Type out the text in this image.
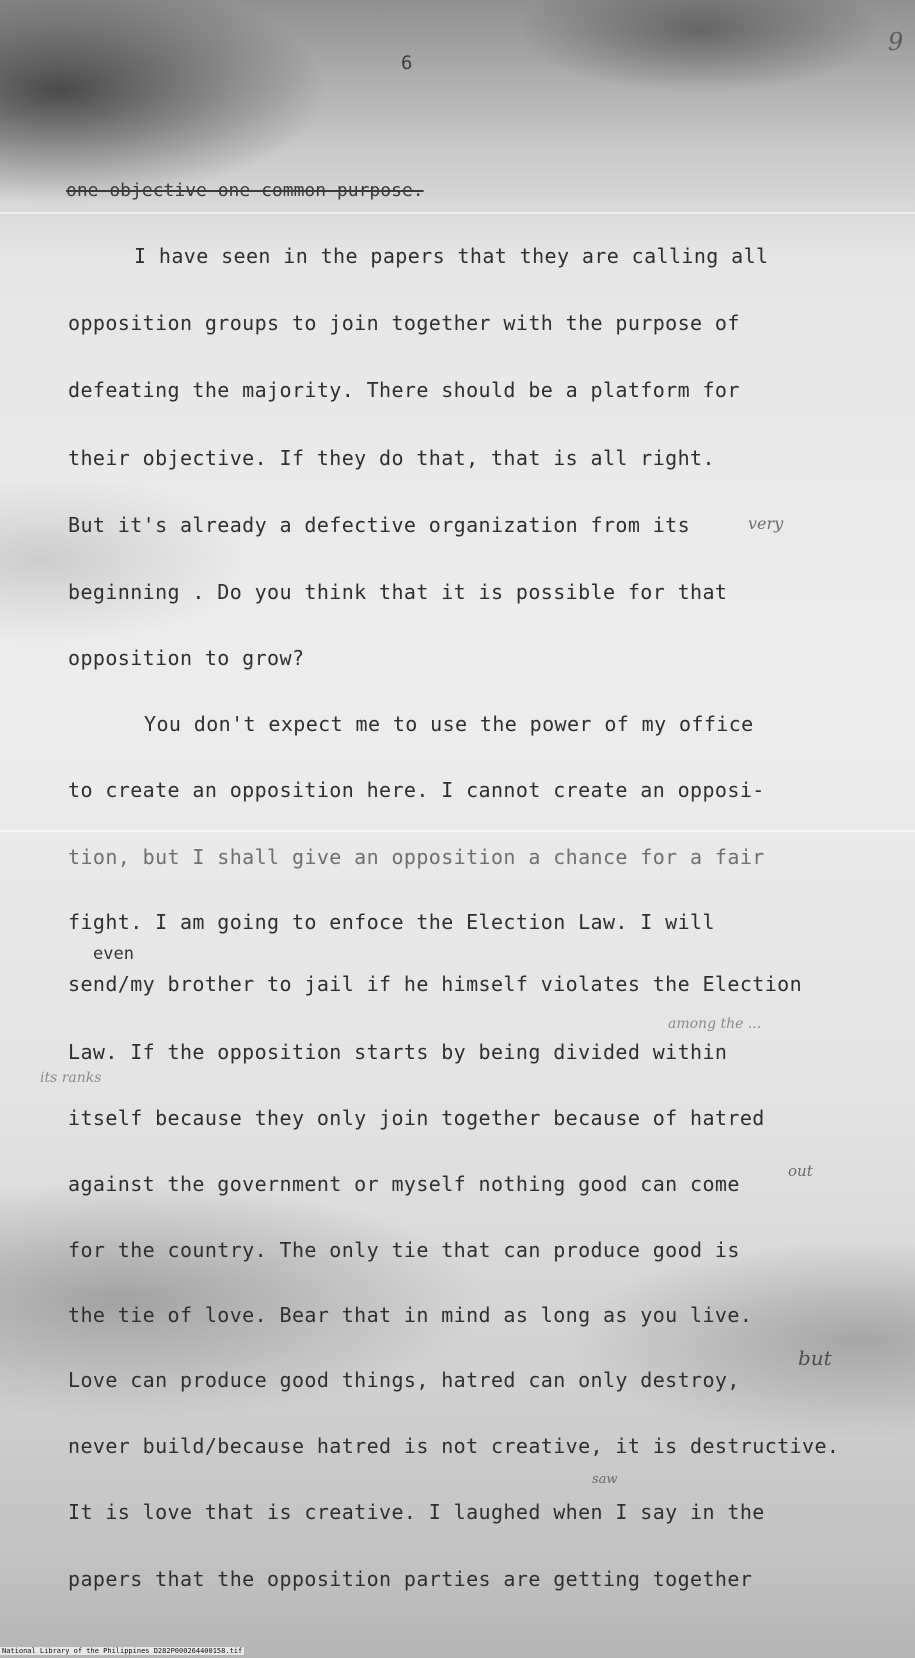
6
9
one objective one common purpose.
I have seen in the papers that they are calling all
opposition groups to join together with the purpose of
defeating the majority. There should be a platform for
their objective. If they do that, that is all right.
But it's already a defective organization from its	very
beginning . Do you think that it is possible for that
opposition to grow?
You don't expect me to use the power of my office
to create an opposition here. I cannot create an opposi-
tion, but I shall give an opposition a chance for a fair
fight. I am going to enfoce the Election Law. I will
even
send/my brother to jail if he himself violates the Election
among the ...
Law. If the opposition starts by being divided within
its ranks
itself because they only join together because of hatred
against the government or myself nothing good can come
out
for the country. The only tie that can produce good is
the tie of love. Bear that in mind as long as you live.
Love can produce good things, hatred can only destroy,
but
never build/because hatred is not creative, it is destructive.
saw
It is love that is creative. I laughed when I say in the
papers that the opposition parties are getting together
National Library of the Philippines D282P000264400158.tif
